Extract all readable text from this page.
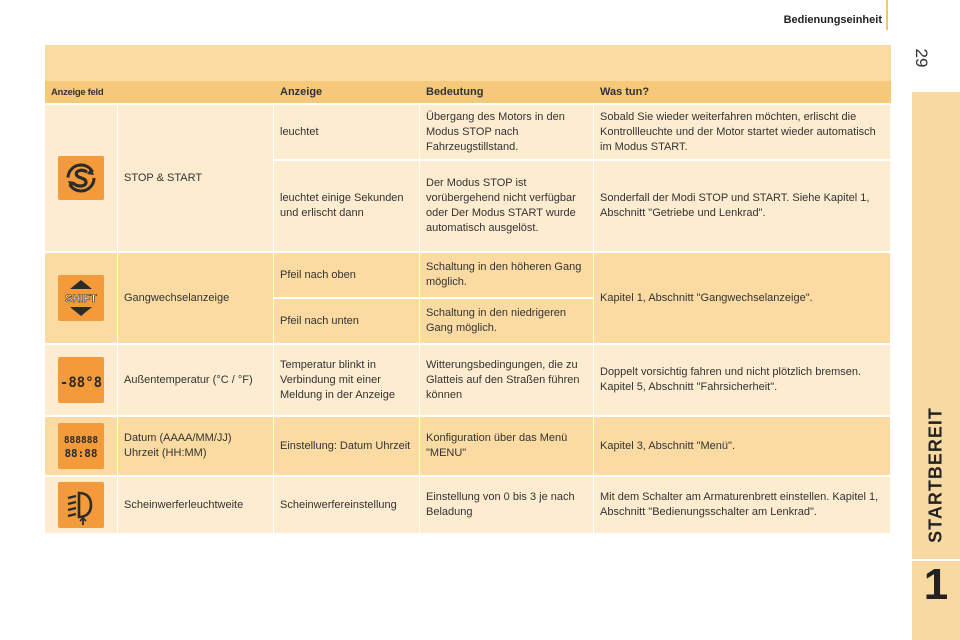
Bedienungseinheit
29
STARTBEREIT
1
Anzeige feld		Anzeige	Bedeutung	Was tun?

	STOP & START	leuchtet	Übergang des Motors in den Modus STOP nach Fahrzeugstillstand.	Sobald Sie wieder weiterfahren möchten, erlischt die Kontrollleuchte und der Motor startet wieder automatisch im Modus START.
		leuchtet einige Sekunden und erlischt dann	Der Modus STOP ist vorübergehend nicht verfügbar oder Der Modus START wurde automatisch ausgelöst.	Sonderfall der Modi STOP und START. Siehe Kapitel 1, Abschnitt "Getriebe und Lenkrad".

SHIFT	Gangwechselanzeige	Pfeil nach oben	Schaltung in den höheren Gang möglich.	Kapitel 1, Abschnitt "Gangwechselanzeige".
		Pfeil nach unten	Schaltung in den niedrigeren Gang möglich.	

-88°8	Außentemperatur (°C / °F)	Temperatur blinkt in Verbindung mit einer Meldung in der Anzeige	Witterungsbedingungen, die zu Glatteis auf den Straßen führen können	Doppelt vorsichtig fahren und nicht plötzlich bremsen. Kapitel 5, Abschnitt "Fahrsicherheit".

888888
88:88	Datum (AAAA/MM/JJ) Uhrzeit (HH:MM)	Einstellung: Datum Uhrzeit	Konfiguration über das Menü "MENU"	Kapitel 3, Abschnitt "Menü".

	Scheinwerferleuchtweite	Scheinwerfereinstellung	Einstellung von 0 bis 3 je nach Beladung	Mit dem Schalter am Armaturenbrett einstellen. Kapitel 1, Abschnitt "Bedienungsschalter am Lenkrad".
